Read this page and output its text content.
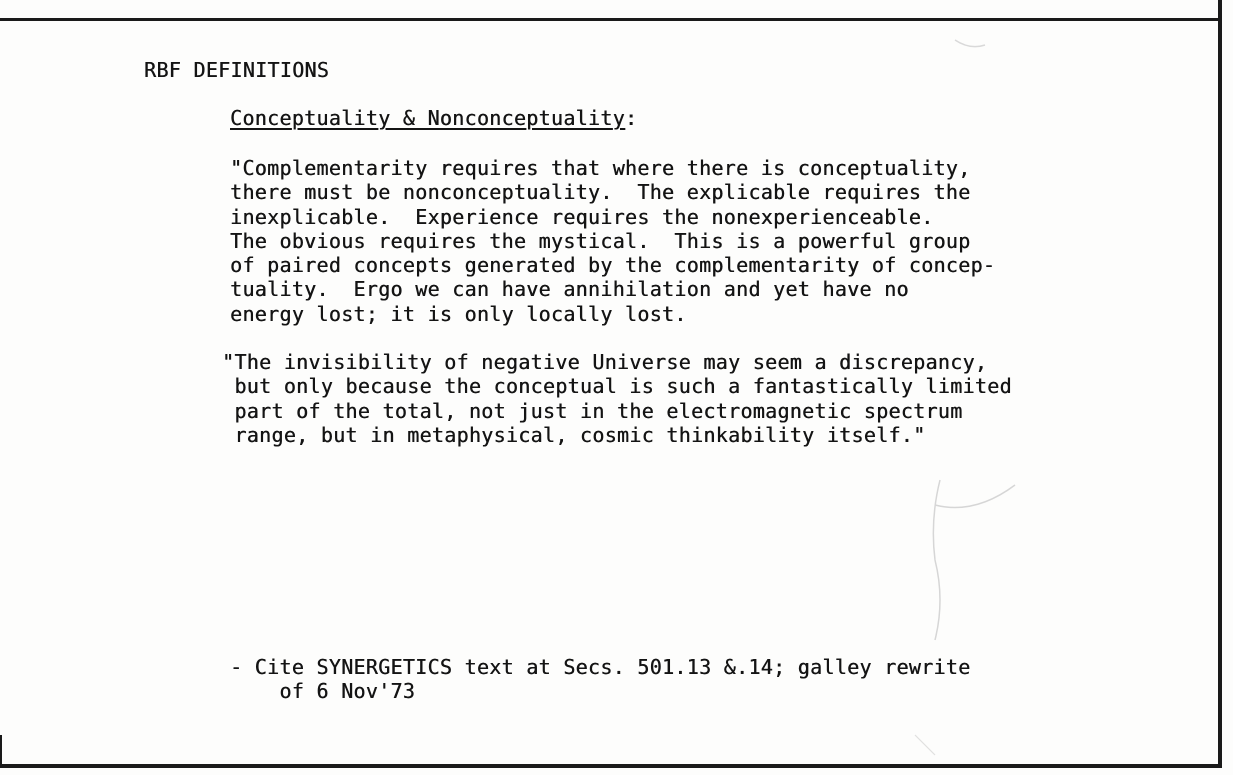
RBF DEFINITIONS
Conceptuality & Nonconceptuality:
"Complementarity requires that where there is conceptuality,
there must be nonconceptuality.  The explicable requires the
inexplicable.  Experience requires the nonexperienceable.
The obvious requires the mystical.  This is a powerful group
of paired concepts generated by the complementarity of concep-
tuality.  Ergo we can have annihilation and yet have no
energy lost; it is only locally lost.
"The invisibility of negative Universe may seem a discrepancy,
but only because the conceptual is such a fantastically limited
part of the total, not just in the electromagnetic spectrum
range, but in metaphysical, cosmic thinkability itself."
- Cite SYNERGETICS text at Secs. 501.13 &.14; galley rewrite
of 6 Nov'73
